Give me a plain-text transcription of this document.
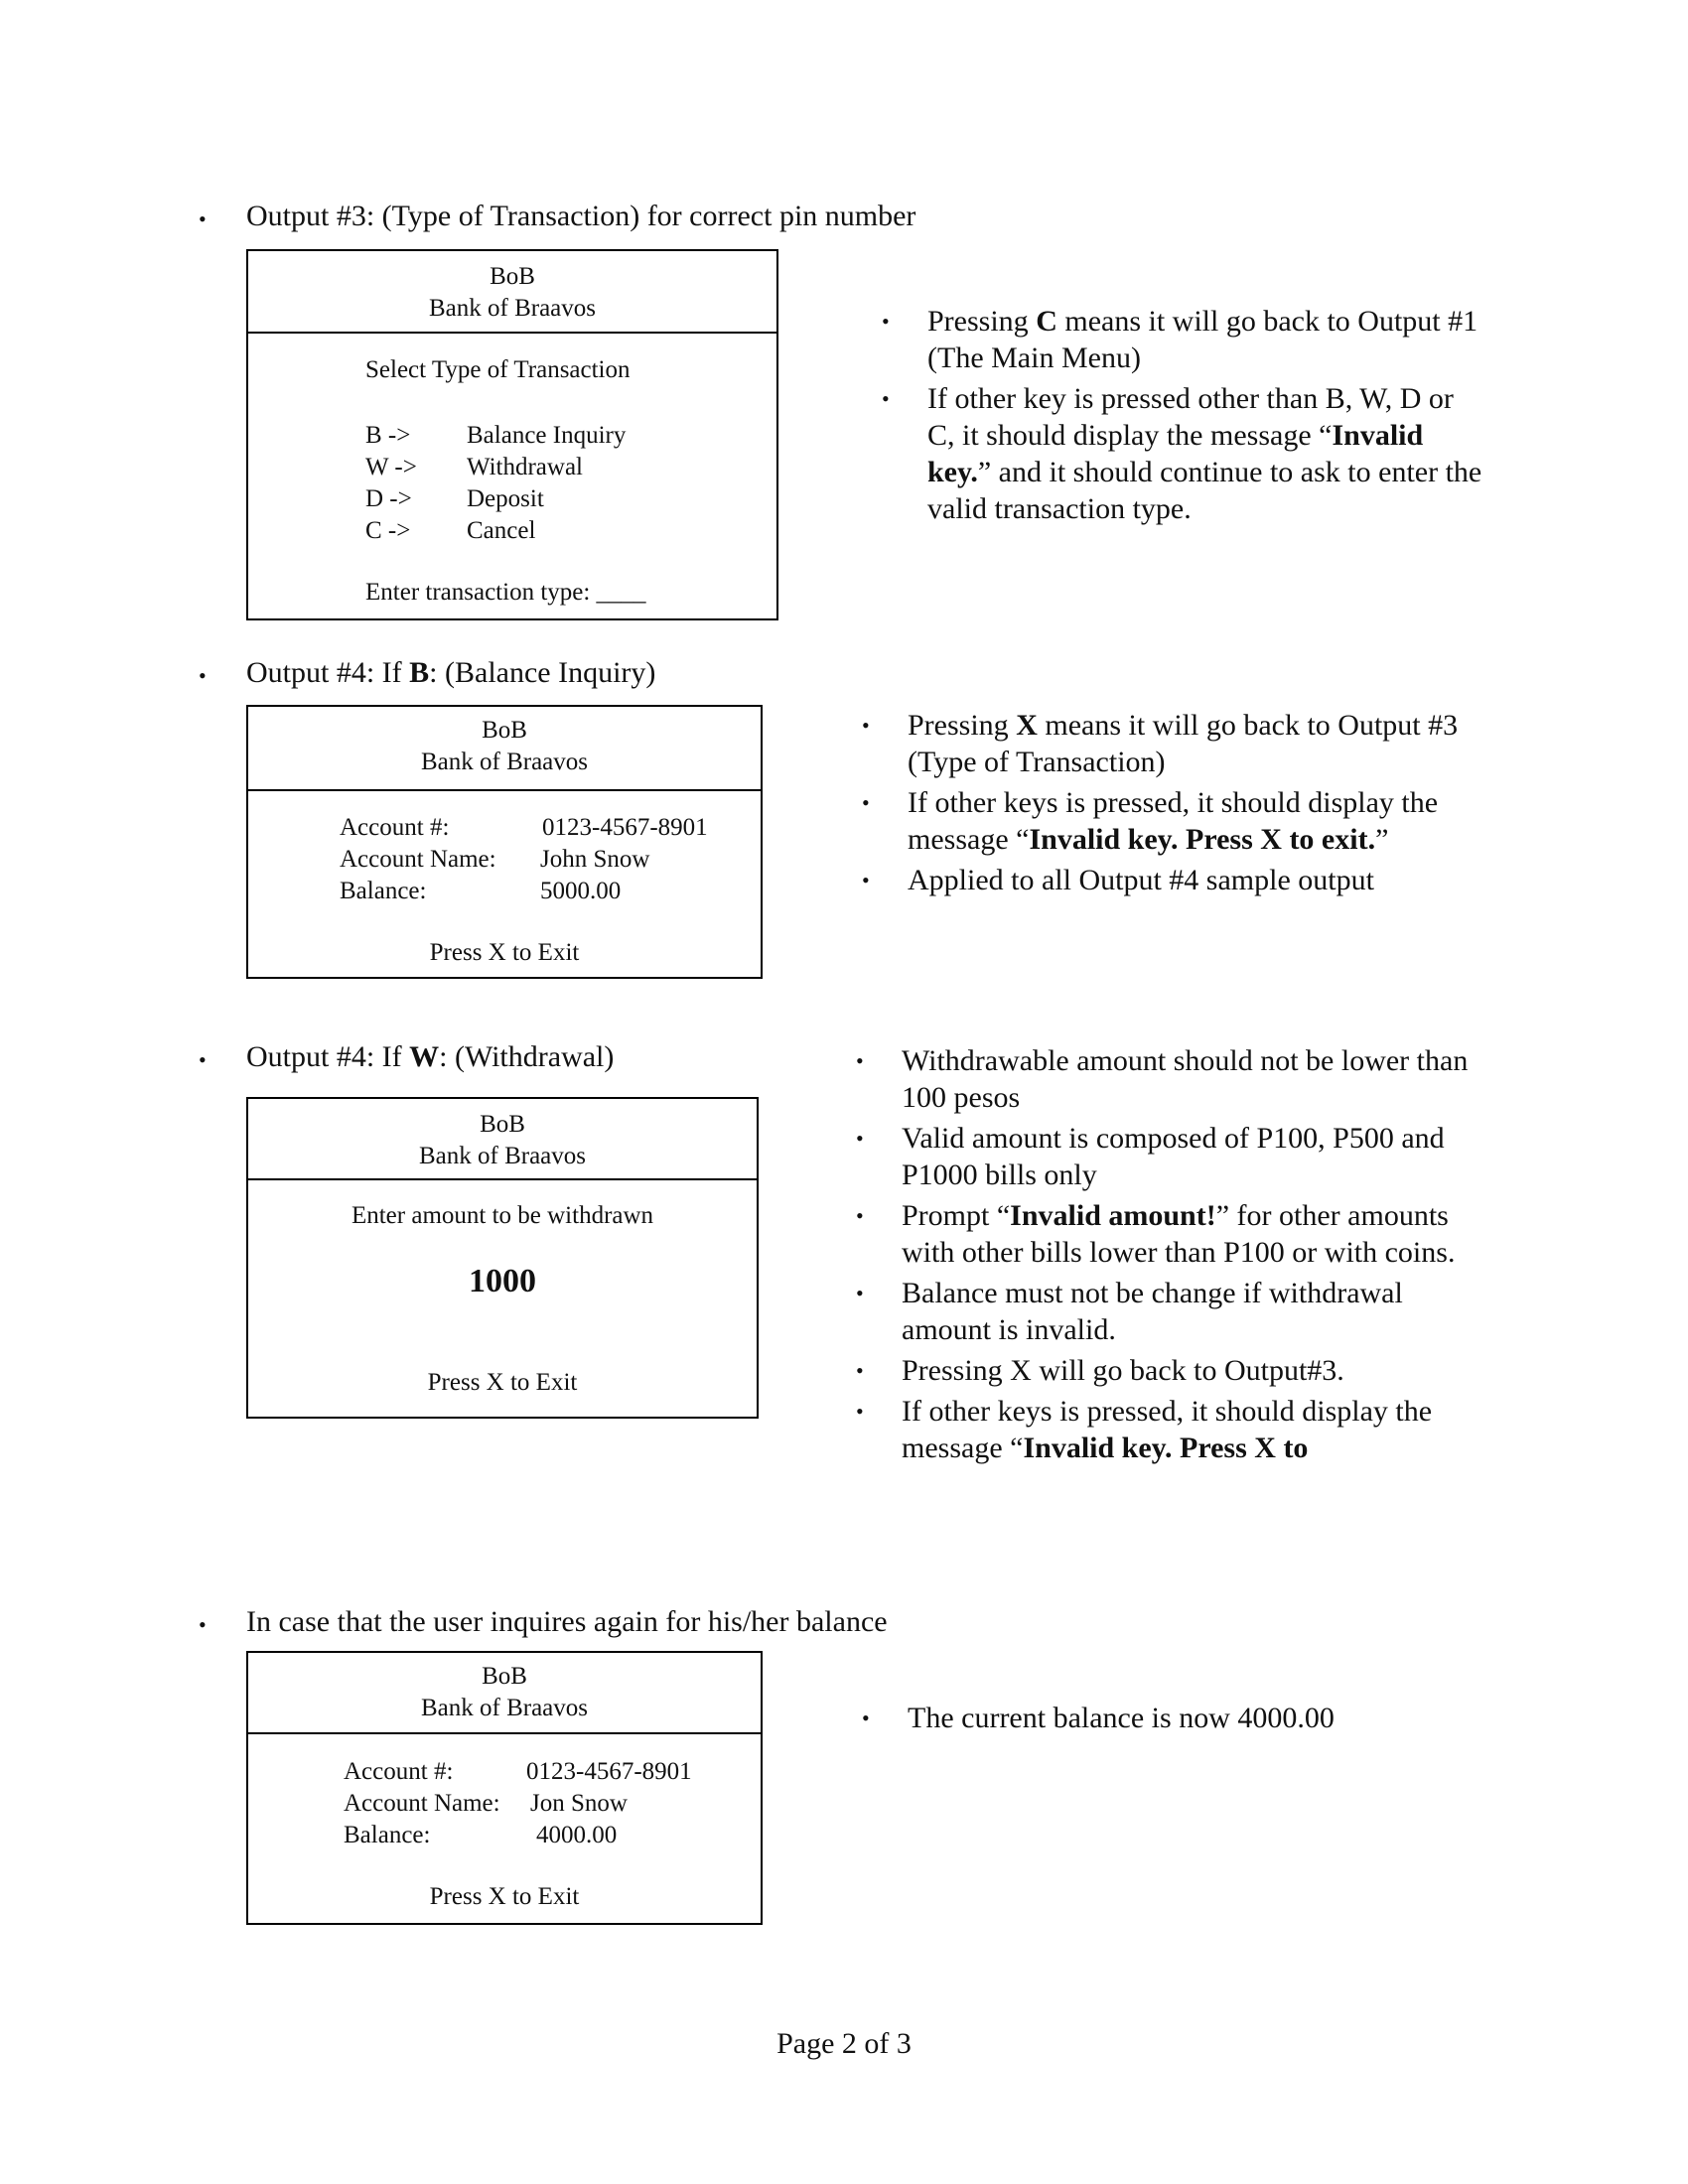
• Output #3: (Type of Transaction) for correct pin number
BoB
Bank of Braavos
Select Type of Transaction
B -> Balance Inquiry
W -> Withdrawal
D -> Deposit
C -> Cancel
Enter transaction type: ____
• Pressing C means it will go back to Output #1 (The Main Menu)
• If other key is pressed other than B, W, D or C, it should display the message “Invalid key.” and it should continue to ask to enter the valid transaction type.
• Output #4: If B: (Balance Inquiry)
BoB
Bank of Braavos
Account #:	0123-4567-8901
Account Name: John Snow
Balance:	5000.00
Press X to Exit
• Pressing X means it will go back to Output #3 (Type of Transaction)
• If other keys is pressed, it should display the message “Invalid key. Press X to exit.”
• Applied to all Output #4 sample output
• Output #4: If W: (Withdrawal)
BoB
Bank of Braavos
Enter amount to be withdrawn
1000
Press X to Exit
• Withdrawable amount should not be lower than 100 pesos
• Valid amount is composed of P100, P500 and P1000 bills only
• Prompt “Invalid amount!” for other amounts with other bills lower than P100 or with coins.
• Balance must not be change if withdrawal amount is invalid.
• Pressing X will go back to Output#3.
• If other keys is pressed, it should display the message “Invalid key. Press X to
• In case that the user inquires again for his/her balance
BoB
Bank of Braavos
Account #:	0123-4567-8901
Account Name: Jon Snow
Balance:	4000.00
Press X to Exit
• The current balance is now 4000.00
Page 2 of 3
